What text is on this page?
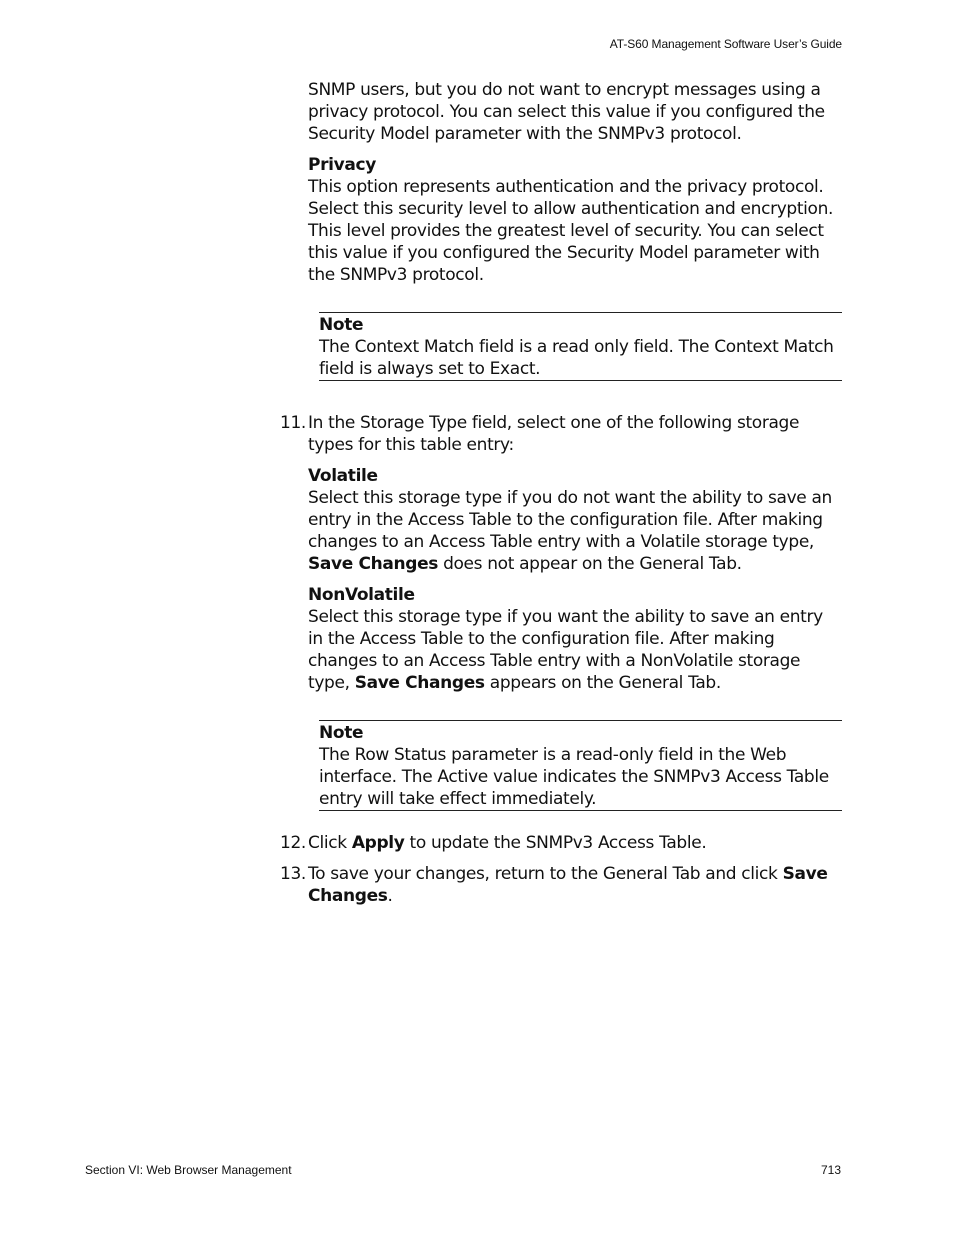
AT-S60 Management Software User’s Guide

SNMP users, but you do not want to encrypt messages using a privacy protocol. You can select this value if you configured the Security Model parameter with the SNMPv3 protocol.

Privacy

This option represents authentication and the privacy protocol. Select this security level to allow authentication and encryption. This level provides the greatest level of security. You can select this value if you configured the Security Model parameter with the SNMPv3 protocol.

Note

The Context Match field is a read only field. The Context Match field is always set to Exact.

11. In the Storage Type field, select one of the following storage types for this table entry:

Volatile

Select this storage type if you do not want the ability to save an entry in the Access Table to the configuration file. After making changes to an Access Table entry with a Volatile storage type, Save Changes does not appear on the General Tab.

NonVolatile

Select this storage type if you want the ability to save an entry in the Access Table to the configuration file. After making changes to an Access Table entry with a NonVolatile storage type, Save Changes appears on the General Tab.

Note

The Row Status parameter is a read-only field in the Web interface. The Active value indicates the SNMPv3 Access Table entry will take effect immediately.

12. Click Apply to update the SNMPv3 Access Table.

13. To save your changes, return to the General Tab and click Save Changes.

Section VI: Web Browser Management	713
